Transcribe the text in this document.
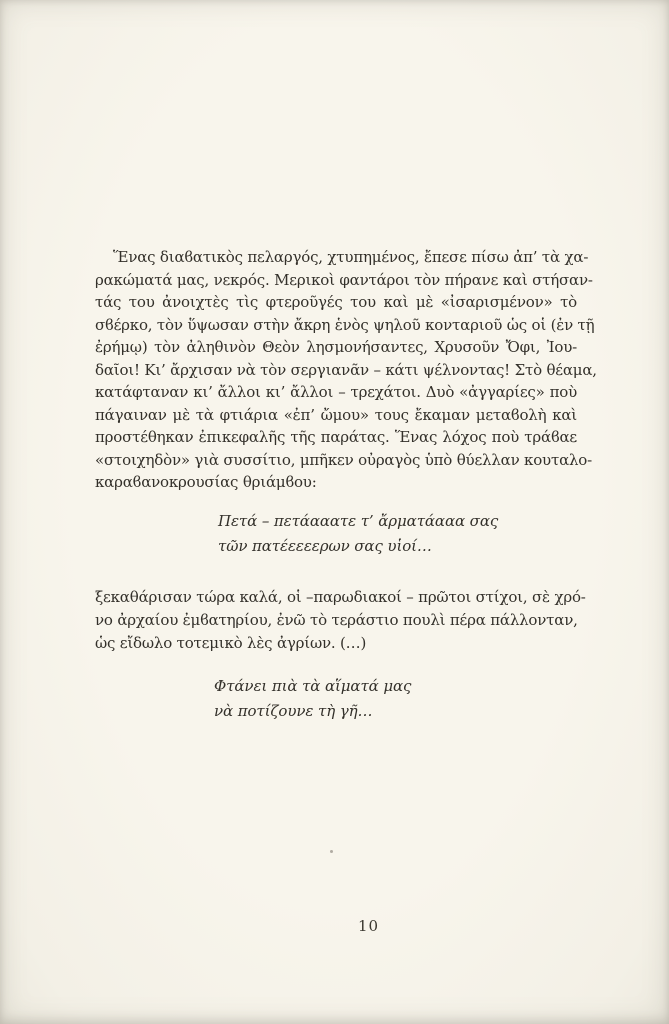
Ἕνας διαϐατικὸς πελαργός, χτυπημένος, ἔπεσε πίσω ἀπ’ τὰ χα-
ρακώματά μας, νεκρός. Μερικοὶ φαντάροι τὸν πήρανε καὶ στήσαν-
τάς του ἀνοιχτὲς τὶς φτεροῦγές του καὶ μὲ «ἰσαρισμένον» τὸ
σϐέρκο, τὸν ὕψωσαν στὴν ἄκρη ἑνὸς ψηλοῦ κονταριοῦ ὡς οἱ (ἐν τῇ
ἐρήμῳ) τὸν ἀληθινὸν Θεὸν λησμονήσαντες, Χρυσοῦν Ὄφι, Ἰου-
δαῖοι! Κι’ ἄρχισαν νὰ τὸν σεργιανᾶν – κάτι ψέλνοντας! Στὸ θέαμα,
κατάφταναν κι’ ἄλλοι κι’ ἄλλοι – τρεχάτοι. Δυὸ «ἀγγαρίες» ποὺ
πάγαιναν μὲ τὰ φτιάρια «ἐπ’ ὤμου» τους ἔκαμαν μεταϐολὴ καὶ
προστέθηκαν ἐπικεφαλῆς τῆς παράτας. Ἕνας λόχος ποὺ τράϐαε
«στοιχηδὸν» γιὰ συσσίτιο, μπῆκεν οὐραγὸς ὑπὸ θύελλαν κουταλο-
καραϐανοκρουσίας θριάμϐου:
Πετά – πετάααατε τ’ ἄρματάααα σας
τῶν πατέεεεερων σας υἱοί…
ξεκαθάρισαν τώρα καλά, οἱ –παρωδιακοί – πρῶτοι στίχοι, σὲ χρό-
νο ἀρχαίου ἐμϐατηρίου, ἐνῶ τὸ τεράστιο πουλὶ πέρα πάλλονταν,
ὡς εἴδωλο τοτεμικὸ λὲς ἀγρίων. (…)
Φτάνει πιὰ τὰ αἵματά μας
νὰ ποτίζουνε τὴ γῆ…
10
